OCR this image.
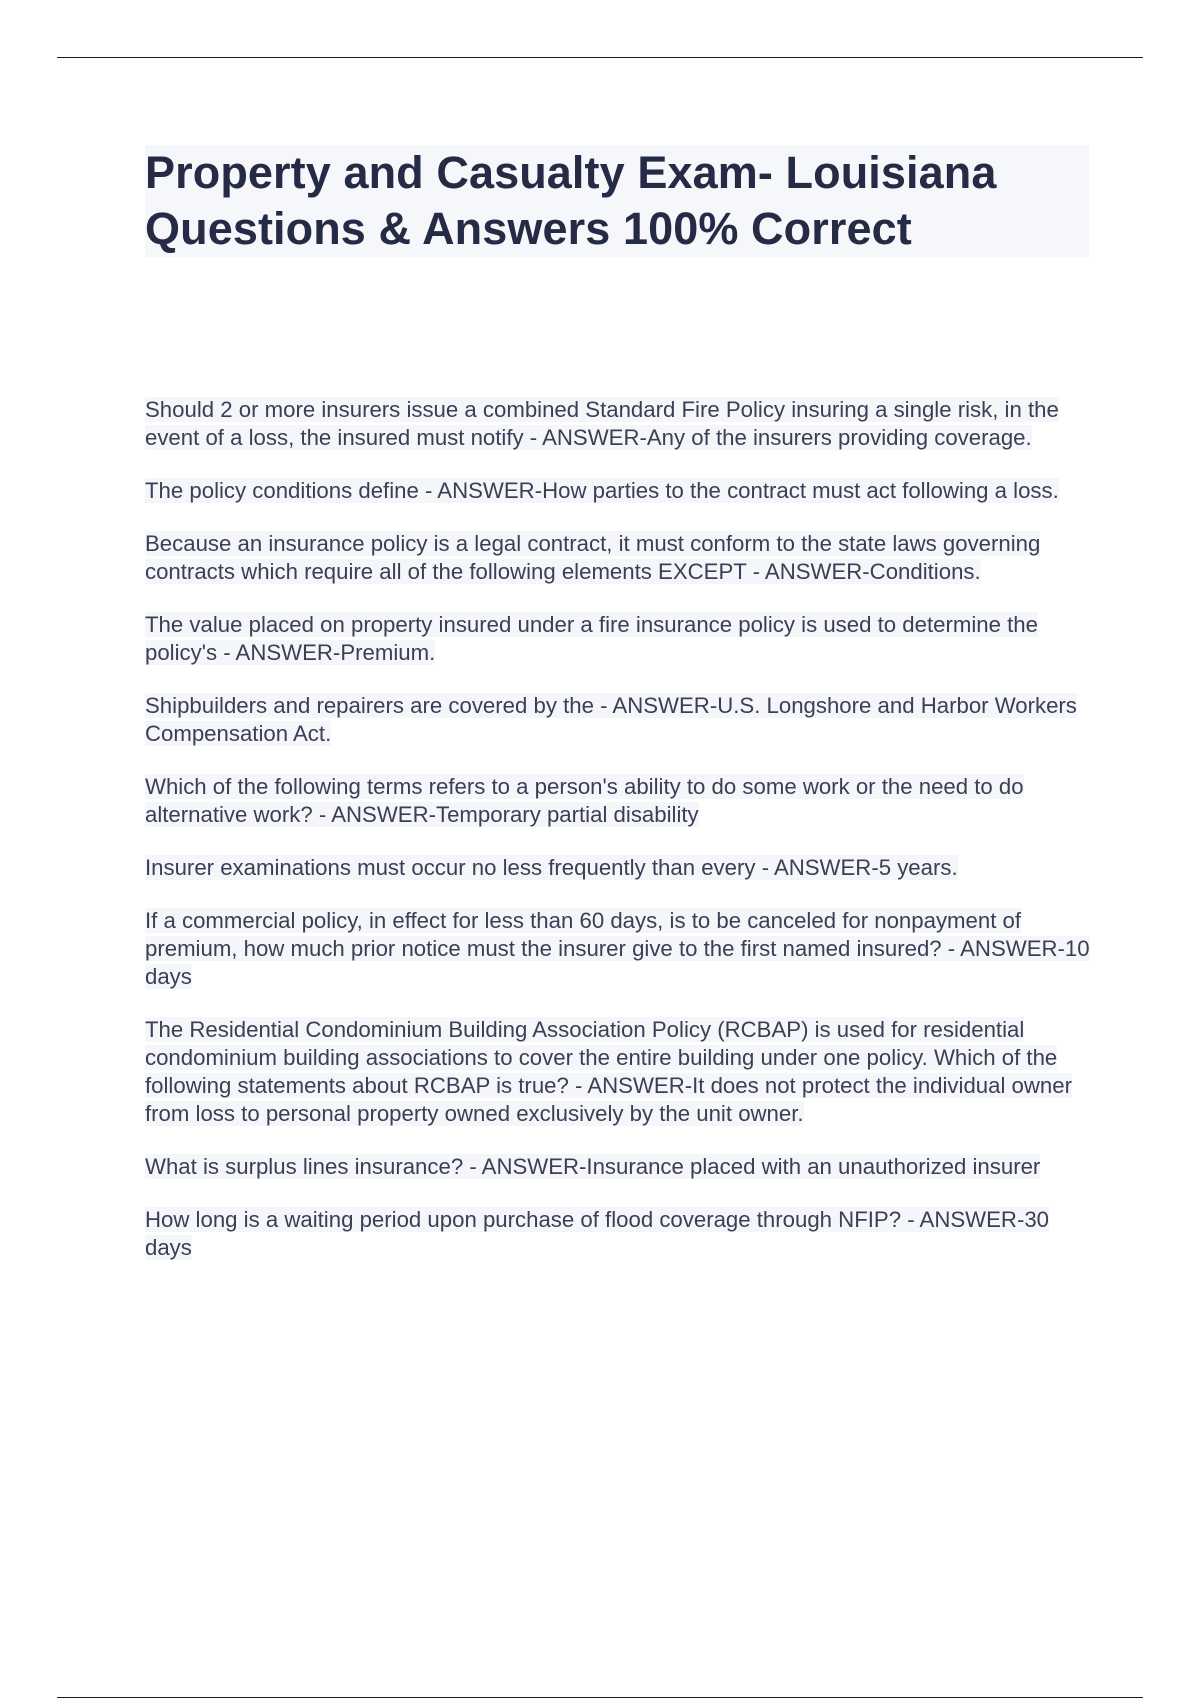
Property and Casualty Exam- Louisiana Questions & Answers 100% Correct

Should 2 or more insurers issue a combined Standard Fire Policy insuring a single risk, in the event of a loss, the insured must notify - ANSWER-Any of the insurers providing coverage.

The policy conditions define - ANSWER-How parties to the contract must act following a loss.

Because an insurance policy is a legal contract, it must conform to the state laws governing contracts which require all of the following elements EXCEPT - ANSWER-Conditions.

The value placed on property insured under a fire insurance policy is used to determine the policy's - ANSWER-Premium.

Shipbuilders and repairers are covered by the - ANSWER-U.S. Longshore and Harbor Workers Compensation Act.

Which of the following terms refers to a person's ability to do some work or the need to do alternative work? - ANSWER-Temporary partial disability

Insurer examinations must occur no less frequently than every - ANSWER-5 years.

If a commercial policy, in effect for less than 60 days, is to be canceled for nonpayment of premium, how much prior notice must the insurer give to the first named insured? - ANSWER-10 days

The Residential Condominium Building Association Policy (RCBAP) is used for residential condominium building associations to cover the entire building under one policy. Which of the following statements about RCBAP is true? - ANSWER-It does not protect the individual owner from loss to personal property owned exclusively by the unit owner.

What is surplus lines insurance? - ANSWER-Insurance placed with an unauthorized insurer

How long is a waiting period upon purchase of flood coverage through NFIP? - ANSWER-30 days
